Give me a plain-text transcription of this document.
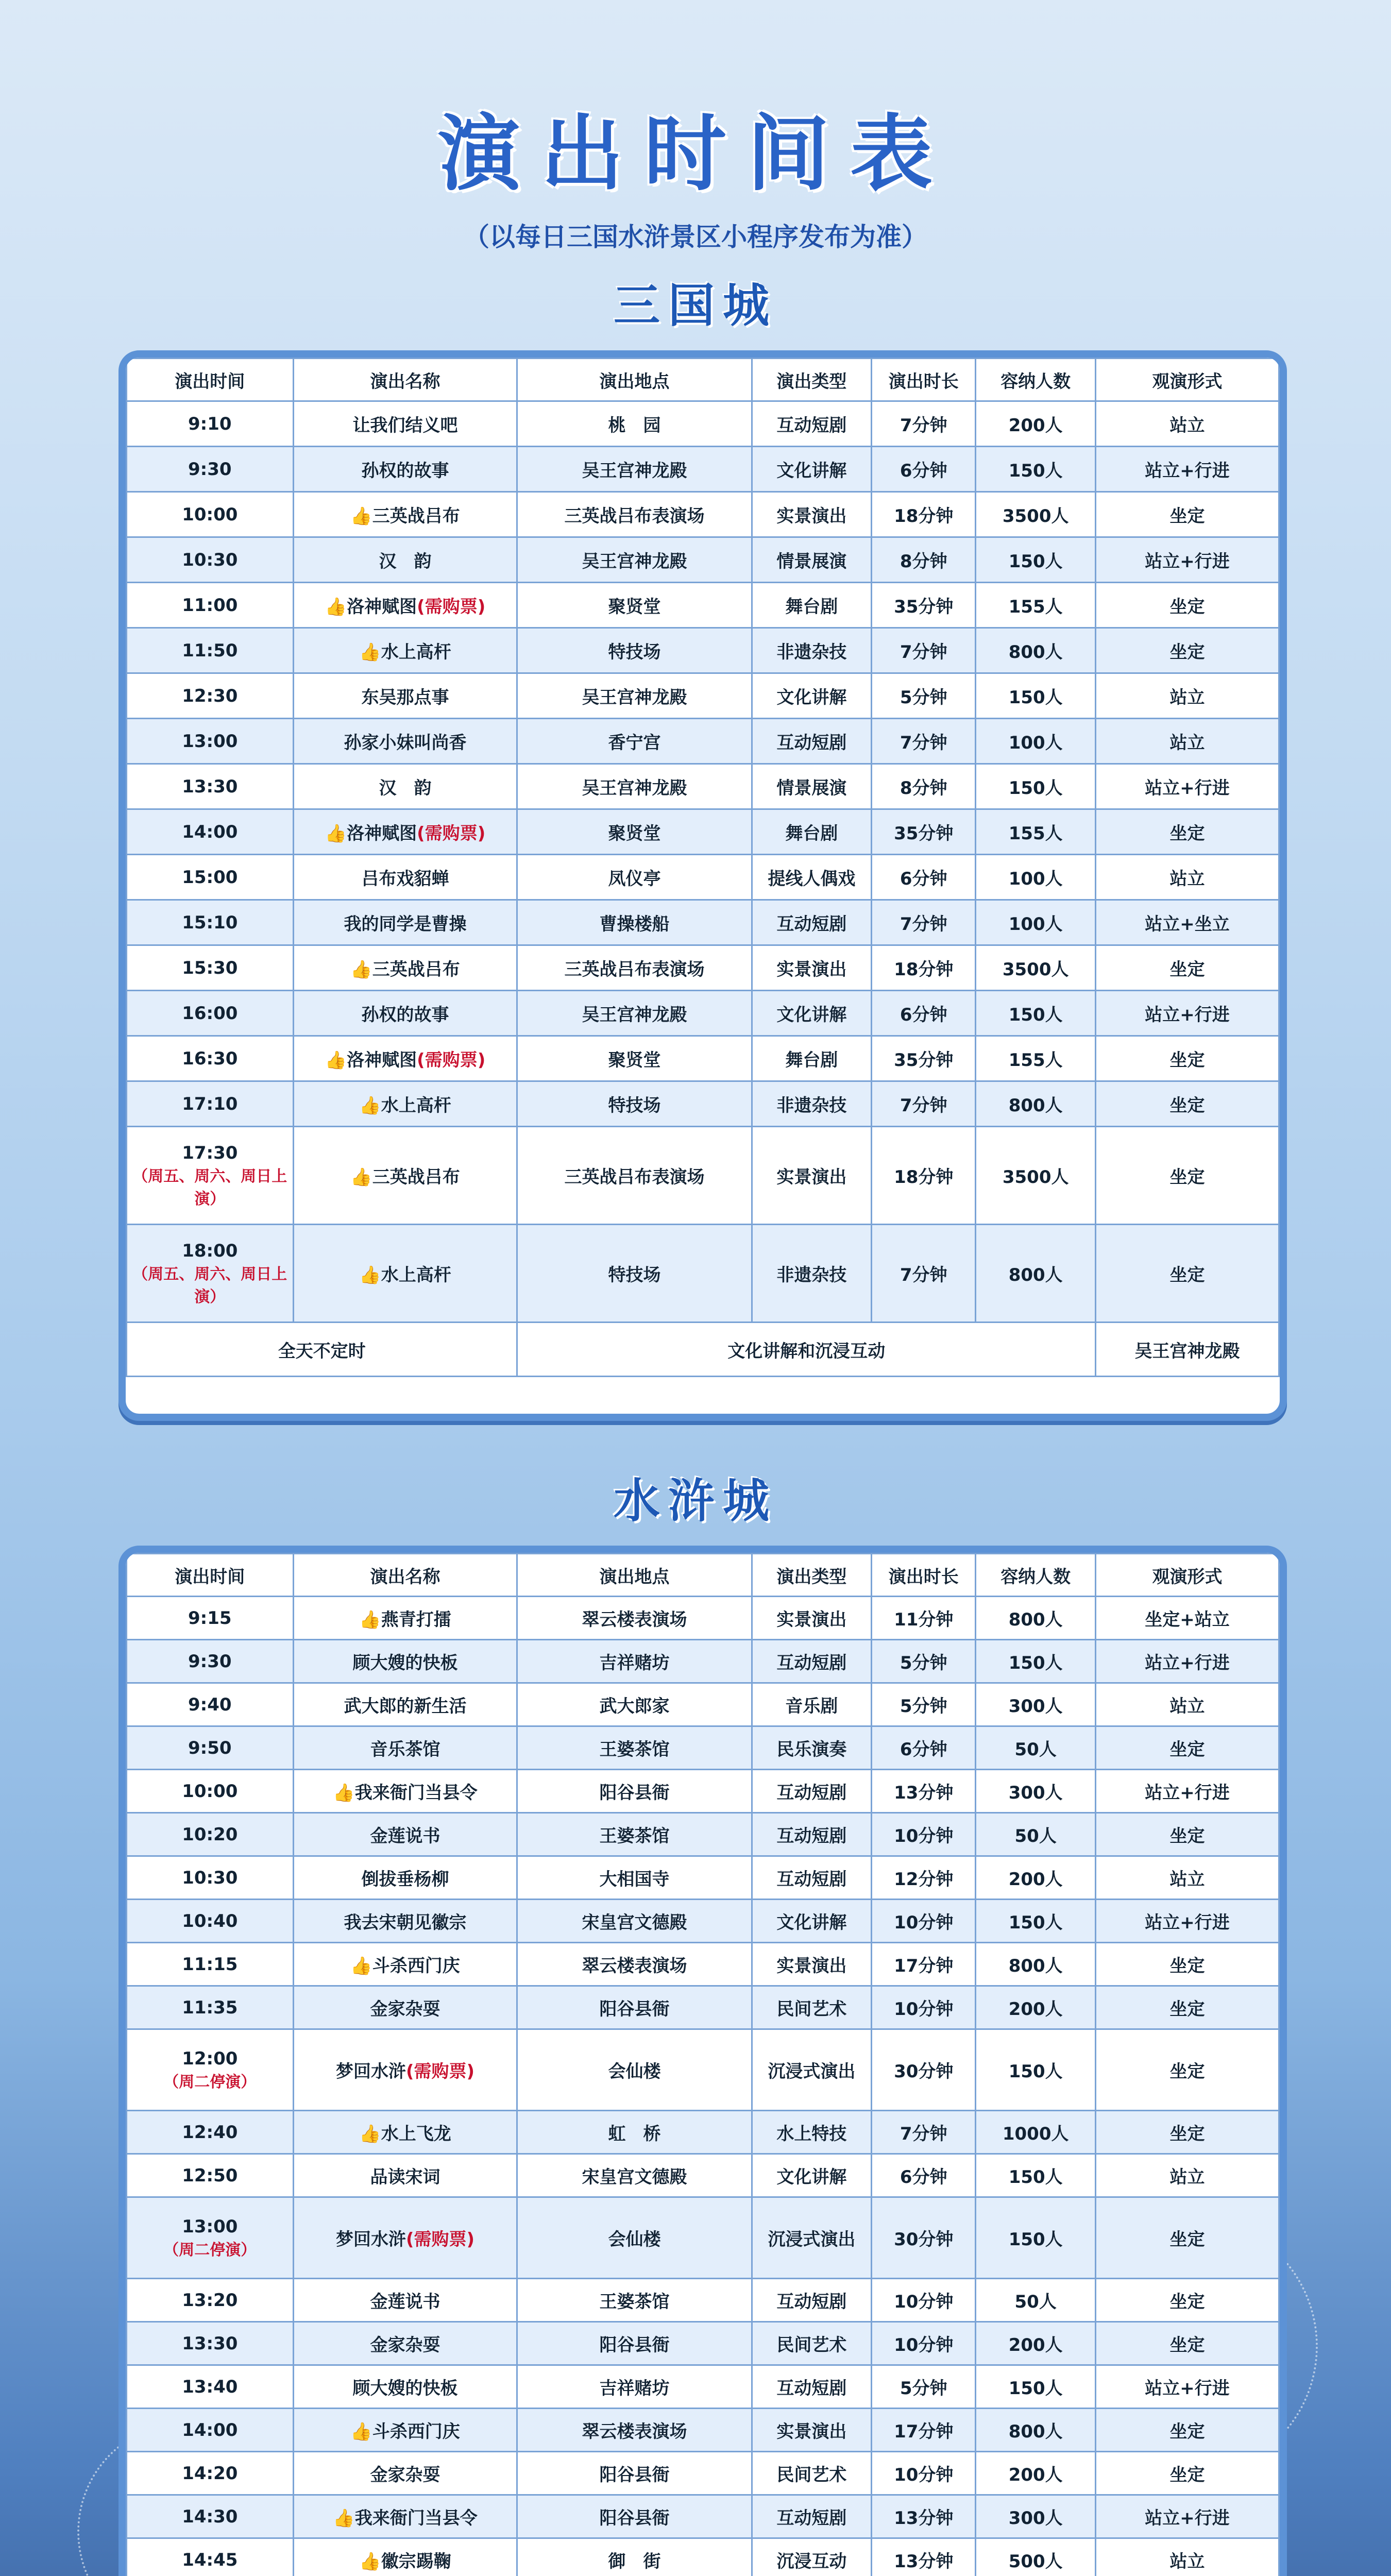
演出时间表
（以每日三国水浒景区小程序发布为准）
三国城
演出时间	演出名称	演出地点	演出类型	演出时长	容纳人数	观演形式

9:10	让我们结义吧	桃　园	互动短剧	7分钟	200人	站立

9:30	孙权的故事	吴王宫神龙殿	文化讲解	6分钟	150人	站立+行进

10:00	👍三英战吕布	三英战吕布表演场	实景演出	18分钟	3500人	坐定

10:30	汉　韵	吴王宫神龙殿	情景展演	8分钟	150人	站立+行进

11:00	👍洛神赋图(需购票)	聚贤堂	舞台剧	35分钟	155人	坐定

11:50	👍水上高杆	特技场	非遗杂技	7分钟	800人	坐定

12:30	东吴那点事	吴王宫神龙殿	文化讲解	5分钟	150人	站立

13:00	孙家小妹叫尚香	香宁宫	互动短剧	7分钟	100人	站立

13:30	汉　韵	吴王宫神龙殿	情景展演	8分钟	150人	站立+行进

14:00	👍洛神赋图(需购票)	聚贤堂	舞台剧	35分钟	155人	坐定

15:00	吕布戏貂蝉	凤仪亭	提线人偶戏	6分钟	100人	站立

15:10	我的同学是曹操	曹操楼船	互动短剧	7分钟	100人	站立+坐立

15:30	👍三英战吕布	三英战吕布表演场	实景演出	18分钟	3500人	坐定

16:00	孙权的故事	吴王宫神龙殿	文化讲解	6分钟	150人	站立+行进

16:30	👍洛神赋图(需购票)	聚贤堂	舞台剧	35分钟	155人	坐定

17:10	👍水上高杆	特技场	非遗杂技	7分钟	800人	坐定

17:30
（周五、周六、周日上演）	👍三英战吕布	三英战吕布表演场	实景演出	18分钟	3500人	坐定

18:00
（周五、周六、周日上演）	👍水上高杆	特技场	非遗杂技	7分钟	800人	坐定
全天不定时		文化讲解和沉浸互动				吴王宫神龙殿
水浒城
演出时间	演出名称	演出地点	演出类型	演出时长	容纳人数	观演形式

9:15	👍燕青打擂	翠云楼表演场	实景演出	11分钟	800人	坐定+站立

9:30	顾大嫂的快板	吉祥赌坊	互动短剧	5分钟	150人	站立+行进

9:40	武大郎的新生活	武大郎家	音乐剧	5分钟	300人	站立

9:50	音乐茶馆	王婆茶馆	民乐演奏	6分钟	50人	坐定

10:00	👍我来衙门当县令	阳谷县衙	互动短剧	13分钟	300人	站立+行进

10:20	金莲说书	王婆茶馆	互动短剧	10分钟	50人	坐定

10:30	倒拔垂杨柳	大相国寺	互动短剧	12分钟	200人	站立

10:40	我去宋朝见徽宗	宋皇宫文德殿	文化讲解	10分钟	150人	站立+行进

11:15	👍斗杀西门庆	翠云楼表演场	实景演出	17分钟	800人	坐定

11:35	金家杂耍	阳谷县衙	民间艺术	10分钟	200人	坐定

12:00
（周二停演）	梦回水浒(需购票)	会仙楼	沉浸式演出	30分钟	150人	坐定

12:40	👍水上飞龙	虹　桥	水上特技	7分钟	1000人	坐定

12:50	品读宋词	宋皇宫文德殿	文化讲解	6分钟	150人	站立

13:00
（周二停演）	梦回水浒(需购票)	会仙楼	沉浸式演出	30分钟	150人	坐定

13:20	金莲说书	王婆茶馆	互动短剧	10分钟	50人	坐定

13:30	金家杂耍	阳谷县衙	民间艺术	10分钟	200人	坐定

13:40	顾大嫂的快板	吉祥赌坊	互动短剧	5分钟	150人	站立+行进

14:00	👍斗杀西门庆	翠云楼表演场	实景演出	17分钟	800人	坐定

14:20	金家杂耍	阳谷县衙	民间艺术	10分钟	200人	坐定

14:30	👍我来衙门当县令	阳谷县衙	互动短剧	13分钟	300人	站立+行进

14:45	👍徽宗踢鞠	御　街	沉浸互动	13分钟	500人	站立
